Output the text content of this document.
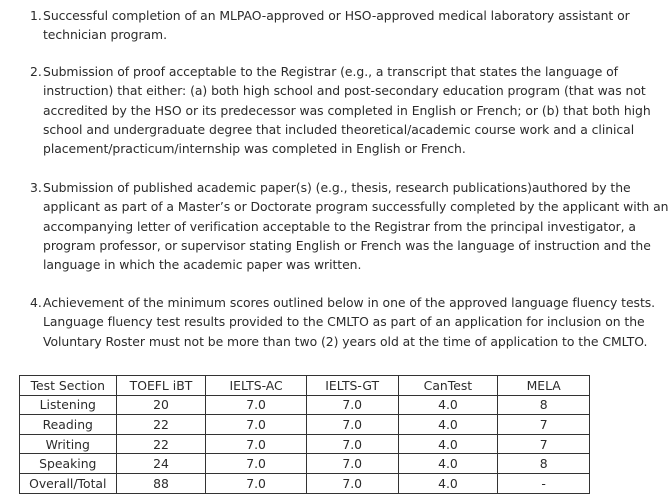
1. Successful completion of an MLPAO-approved or HSO-approved medical laboratory assistant or
technician program.
2. Submission of proof acceptable to the Registrar (e.g., a transcript that states the language of
instruction) that either: (a) both high school and post-secondary education program (that was not
accredited by the HSO or its predecessor was completed in English or French; or (b) that both high
school and undergraduate degree that included theoretical/academic course work and a clinical
placement/practicum/internship was completed in English or French.
3. Submission of published academic paper(s) (e.g., thesis, research publications)authored by the
applicant as part of a Master’s or Doctorate program successfully completed by the applicant with an
accompanying letter of verification acceptable to the Registrar from the principal investigator, a
program professor, or supervisor stating English or French was the language of instruction and the
language in which the academic paper was written.
4. Achievement of the minimum scores outlined below in one of the approved language fluency tests.
Language fluency test results provided to the CMLTO as part of an application for inclusion on the
Voluntary Roster must not be more than two (2) years old at the time of application to the CMLTO.
Test Section	TOEFL iBT	IELTS-AC	IELTS-GT	CanTest	MELA
Listening	20	7.0	7.0	4.0	8
Reading	22	7.0	7.0	4.0	7
Writing	22	7.0	7.0	4.0	7
Speaking	24	7.0	7.0	4.0	8
Overall/Total	88	7.0	7.0	4.0	-
